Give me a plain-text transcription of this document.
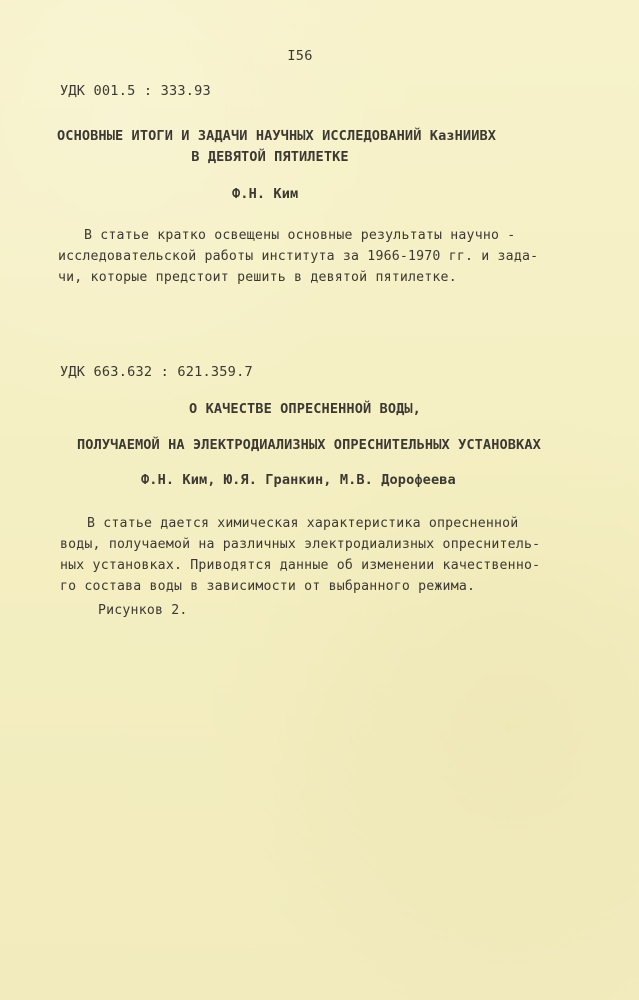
I56
УДК 001.5 : 333.93
ОСНОВНЫЕ ИТОГИ И ЗАДАЧИ НАУЧНЫХ ИССЛЕДОВАНИЙ КазНИИВХ
В ДЕВЯТОЙ ПЯТИЛЕТКЕ
Ф.Н. Ким
В статье кратко освещены основные результаты научно -
исследовательской работы института за 1966-1970 гг. и зада-
чи, которые предстоит решить в девятой пятилетке.
УДК 663.632 : 621.359.7
О КАЧЕСТВЕ ОПРЕСНЕННОЙ ВОДЫ,
ПОЛУЧАЕМОЙ НА ЭЛЕКТРОДИАЛИЗНЫХ ОПРЕСНИТЕЛЬНЫХ УСТАНОВКАХ
Ф.Н. Ким, Ю.Я. Гранкин, М.В. Дорофеева
В статье дается химическая характеристика опресненной
воды, получаемой на различных электродиализных опреснитель-
ных установках. Приводятся данные об изменении качественно-
го состава воды в зависимости от выбранного режима.
Рисунков 2.
